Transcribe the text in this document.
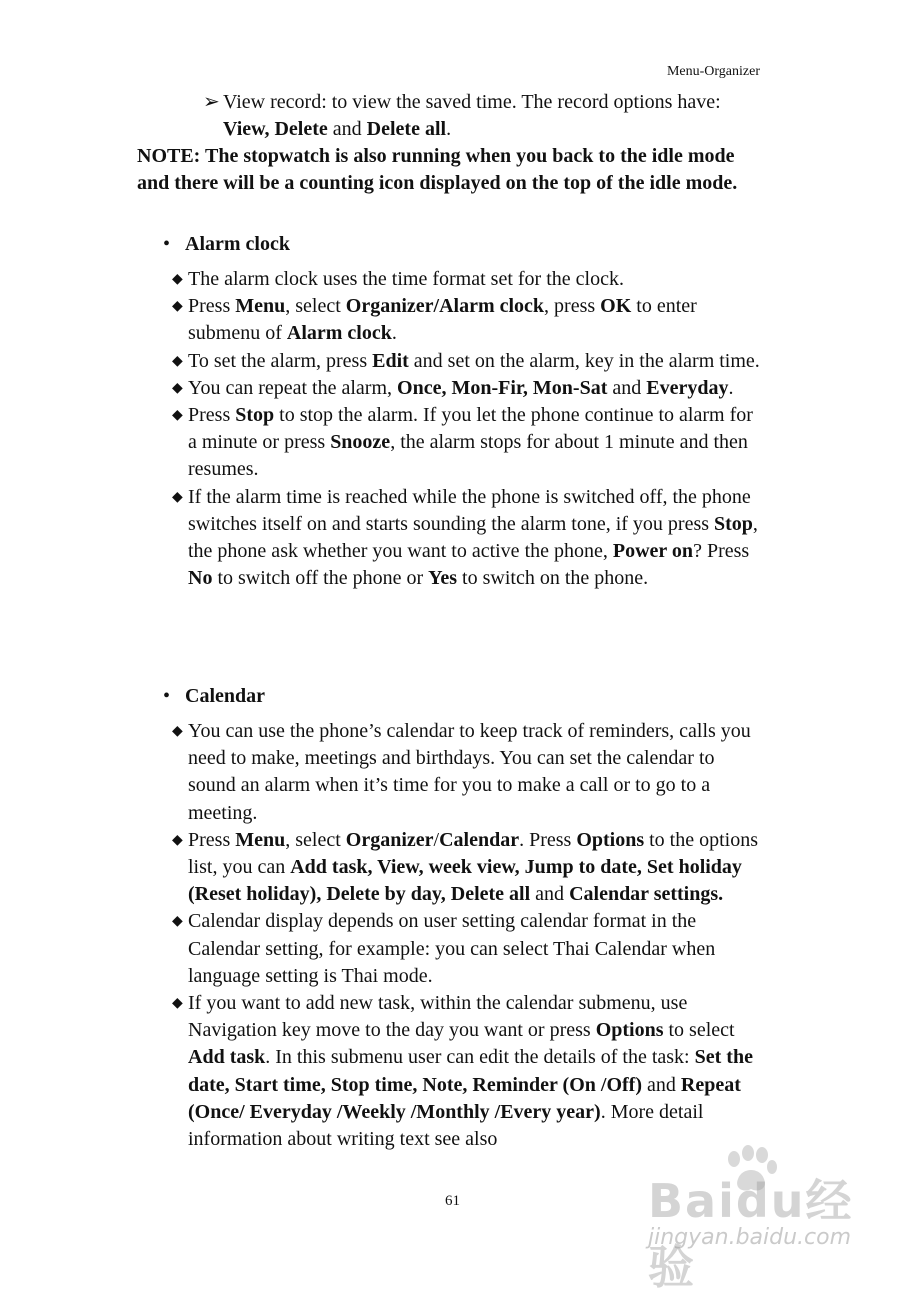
Menu-Organizer
➢ View record: to view the saved time. The record options have:
View, Delete and Delete all.
NOTE: The stopwatch is also running when you back to the idle mode and there will be a counting icon displayed on the top of the idle mode.
• Alarm clock
◆ The alarm clock uses the time format set for the clock.
◆ Press Menu, select Organizer/Alarm clock, press OK to enter submenu of Alarm clock.
◆ To set the alarm, press Edit and set on the alarm, key in the alarm time.
◆ You can repeat the alarm, Once, Mon-Fir, Mon-Sat and Everyday.
◆ Press Stop to stop the alarm. If you let the phone continue to alarm for a minute or press Snooze, the alarm stops for about 1 minute and then resumes.
◆ If the alarm time is reached while the phone is switched off, the phone switches itself on and starts sounding the alarm tone, if you press Stop, the phone ask whether you want to active the phone, Power on? Press No to switch off the phone or Yes to switch on the phone.
• Calendar
◆ You can use the phone’s calendar to keep track of reminders, calls you need to make, meetings and birthdays. You can set the calendar to sound an alarm when it’s time for you to make a call or to go to a meeting.
◆ Press Menu, select Organizer/Calendar. Press Options to the options list, you can Add task, View, week view, Jump to date, Set holiday (Reset holiday), Delete by day, Delete all and Calendar settings.
◆ Calendar display depends on user setting calendar format in the Calendar setting, for example: you can select Thai Calendar when language setting is Thai mode.
◆ If you want to add new task, within the calendar submenu, use Navigation key move to the day you want or press Options to select Add task. In this submenu user can edit the details of the task: Set the date, Start time, Stop time, Note, Reminder (On /Off) and Repeat (Once/ Everyday /Weekly /Monthly /Every year). More detail information about writing text see also
61	Baidu经验
jingyan.baidu.com
